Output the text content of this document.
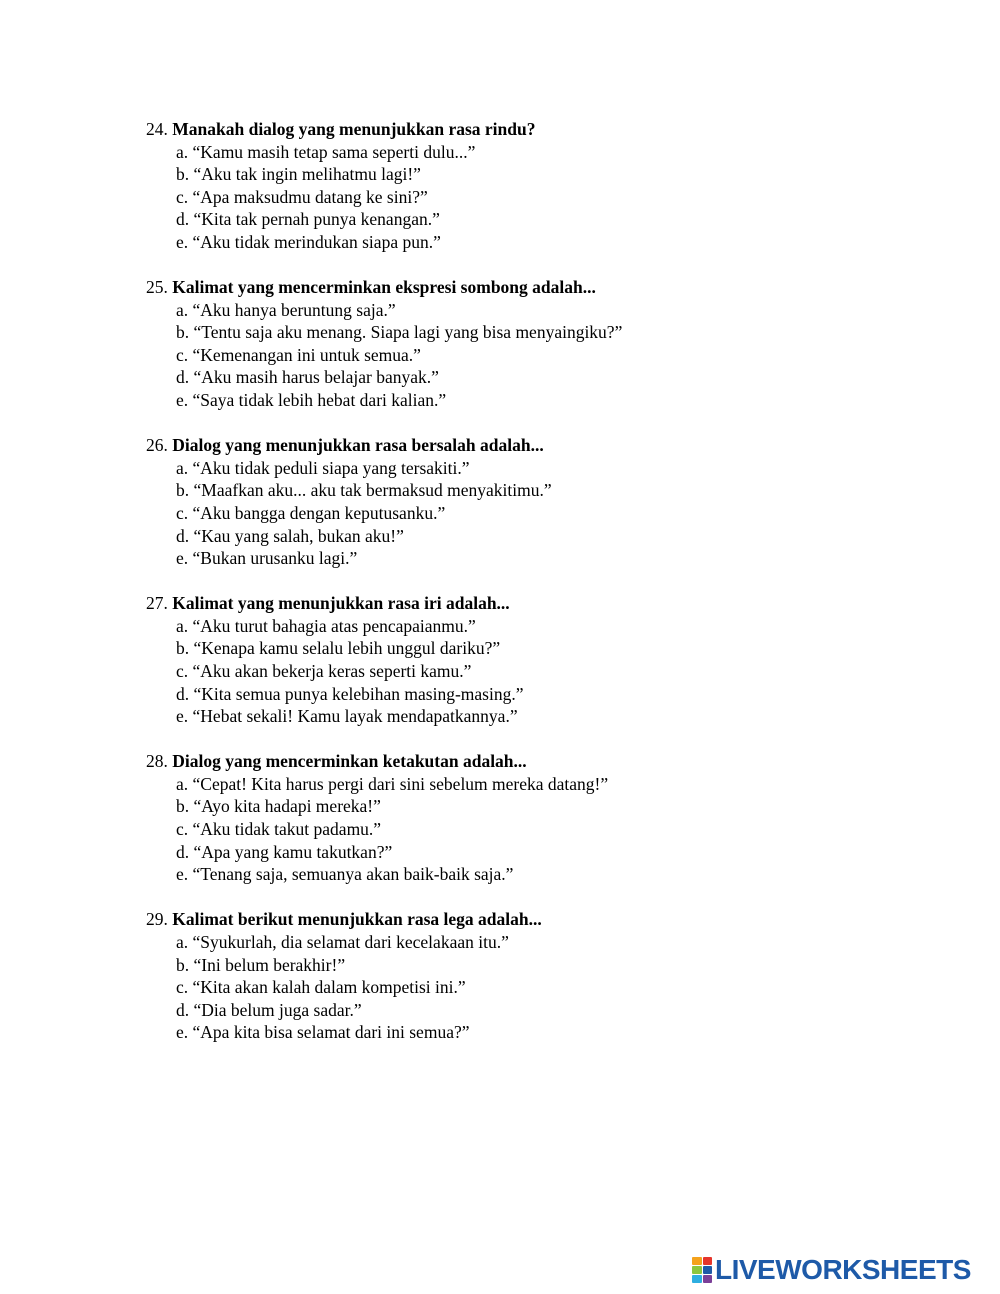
24. Manakah dialog yang menunjukkan rasa rindu?
a. “Kamu masih tetap sama seperti dulu...”
b. “Aku tak ingin melihatmu lagi!”
c. “Apa maksudmu datang ke sini?”
d. “Kita tak pernah punya kenangan.”
e. “Aku tidak merindukan siapa pun.”
25. Kalimat yang mencerminkan ekspresi sombong adalah...
a. “Aku hanya beruntung saja.”
b. “Tentu saja aku menang. Siapa lagi yang bisa menyaingiku?”
c. “Kemenangan ini untuk semua.”
d. “Aku masih harus belajar banyak.”
e. “Saya tidak lebih hebat dari kalian.”
26. Dialog yang menunjukkan rasa bersalah adalah...
a. “Aku tidak peduli siapa yang tersakiti.”
b. “Maafkan aku... aku tak bermaksud menyakitimu.”
c. “Aku bangga dengan keputusanku.”
d. “Kau yang salah, bukan aku!”
e. “Bukan urusanku lagi.”
27. Kalimat yang menunjukkan rasa iri adalah...
a. “Aku turut bahagia atas pencapaianmu.”
b. “Kenapa kamu selalu lebih unggul dariku?”
c. “Aku akan bekerja keras seperti kamu.”
d. “Kita semua punya kelebihan masing-masing.”
e. “Hebat sekali! Kamu layak mendapatkannya.”
28. Dialog yang mencerminkan ketakutan adalah...
a. “Cepat! Kita harus pergi dari sini sebelum mereka datang!”
b. “Ayo kita hadapi mereka!”
c. “Aku tidak takut padamu.”
d. “Apa yang kamu takutkan?”
e. “Tenang saja, semuanya akan baik-baik saja.”
29. Kalimat berikut menunjukkan rasa lega adalah...
a. “Syukurlah, dia selamat dari kecelakaan itu.”
b. “Ini belum berakhir!”
c. “Kita akan kalah dalam kompetisi ini.”
d. “Dia belum juga sadar.”
e. “Apa kita bisa selamat dari ini semua?”
LIVEWORKSHEETS
